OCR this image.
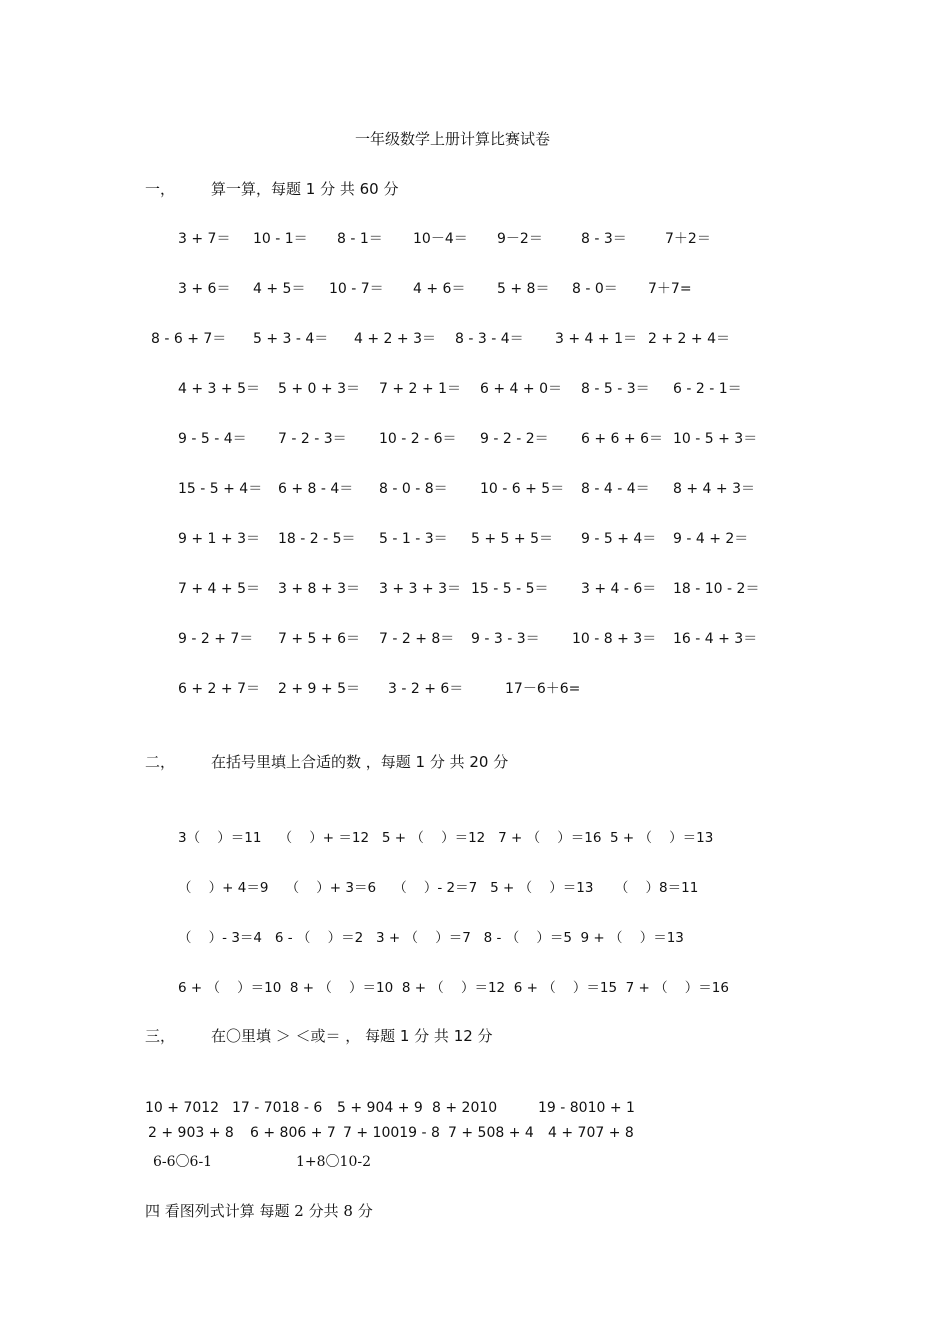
一年级数学上册计算比赛试卷
一， 算一算，每题 1 分 共 60 分
3 + 7＝ 10 - 1＝ 8 - 1＝ 10－4＝ 9－2＝	8 - 3＝	7＋2＝
3 + 6＝ 4 + 5＝ 10 - 7＝ 4 + 6＝ 5 + 8＝ 8 - 0＝ 7＋7=
8 - 6 + 7＝ 5 + 3 - 4＝ 4 + 2 + 3＝ 8 - 3 - 4＝ 3 + 4 + 1＝ 2 + 2 + 4＝
4 + 3 + 5＝ 5 + 0 + 3＝ 7 + 2 + 1＝ 6 + 4 + 0＝ 8 - 5 - 3＝ 6 - 2 - 1＝
9 - 5 - 4＝ 7 - 2 - 3＝ 10 - 2 - 6＝ 9 - 2 - 2＝ 6 + 6 + 6＝ 10 - 5 + 3＝
15 - 5 + 4＝ 6 + 8 - 4＝ 8 - 0 - 8＝ 10 - 6 + 5＝ 8 - 4 - 4＝ 8 + 4 + 3＝
9 + 1 + 3＝ 18 - 2 - 5＝ 5 - 1 - 3＝ 5 + 5 + 5＝ 9 - 5 + 4＝ 9 - 4 + 2＝
7 + 4 + 5＝ 3 + 8 + 3＝ 3 + 3 + 3＝ 15 - 5 - 5＝ 3 + 4 - 6＝ 18 - 10 - 2＝
9 - 2 + 7＝ 7 + 5 + 6＝ 7 - 2 + 8＝ 9 - 3 - 3＝ 10 - 8 + 3＝ 16 - 4 + 3＝
6 + 2 + 7＝ 2 + 9 + 5＝ 3 - 2 + 6＝	17－6＋6=
二， 在括号里填上合适的数 ，每题 1 分 共 20 分
3（    ）＝11    （    ）+ ＝12   5 + （    ）＝12   7 + （    ）＝16  5 + （    ）＝13
（    ）+ 4＝9    （    ）+ 3＝6    （    ）- 2＝7   5 + （    ）＝13     （    ）8＝11
（    ）- 3＝4   6 - （    ）＝2   3 + （    ）＝7   8 - （    ）＝5  9 + （    ）＝13
6 + （    ）＝10  8 + （    ）＝10  8 + （    ）＝12  6 + （    ）＝15  7 + （    ）＝16
三， 在〇里填 ＞ ＜或＝ ， 每题 1 分 共 12 分
10 + 7012 17 - 7018 - 6 5 + 904 + 9 8 + 2010	19 - 8010 + 1
2 + 903 + 8 6 + 806 + 7 7 + 10019 - 8 7 + 508 + 4 4 + 707 + 8
6-6〇6-1	1+8〇10-2
四 看图列式计算 每题 2 分共 8 分
